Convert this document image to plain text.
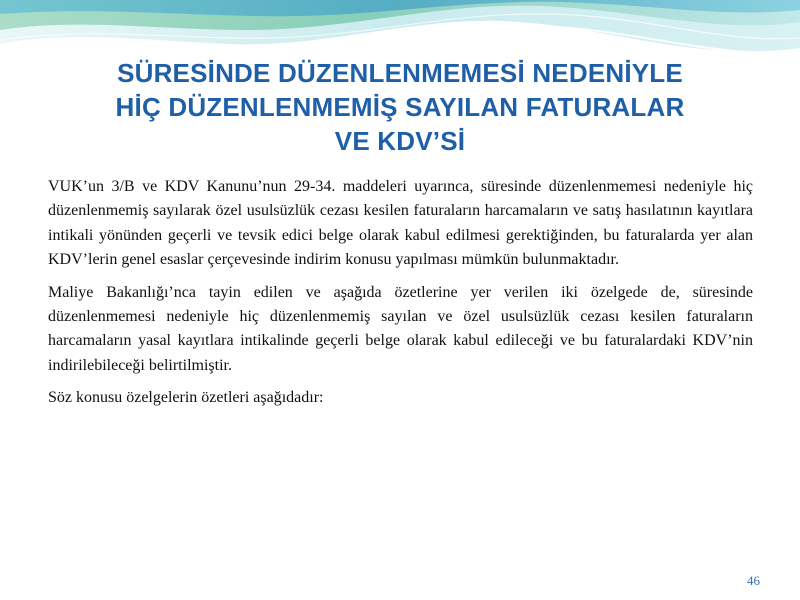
SÜRESİNDE DÜZENLENMEMESİ NEDENİYLE
HİÇ DÜZENLENMEMİŞ SAYILAN FATURALAR
VE KDV’Sİ

VUK’un 3/B ve KDV Kanunu’nun 29-34. maddeleri uyarınca, süresinde düzenlenmemesi nedeniyle hiç düzenlenmemiş sayılarak özel usulsüzlük cezası kesilen faturaların harcamaların ve satış hasılatının kayıtlara intikali yönünden geçerli ve tevsik edici belge olarak kabul edilmesi gerektiğinden, bu faturalarda yer alan KDV’lerin genel esaslar çerçevesinde indirim konusu yapılması mümkün bulunmaktadır.

Maliye Bakanlığı’nca tayin edilen ve aşağıda özetlerine yer verilen iki özelgede de, süresinde düzenlenmemesi nedeniyle hiç düzenlenmemiş sayılan ve özel usulsüzlük cezası kesilen faturaların harcamaların yasal kayıtlara intikalinde geçerli belge olarak kabul edileceği ve bu faturalardaki KDV’nin indirilebileceği belirtilmiştir.

Söz konusu özelgelerin özetleri aşağıdadır:

46
